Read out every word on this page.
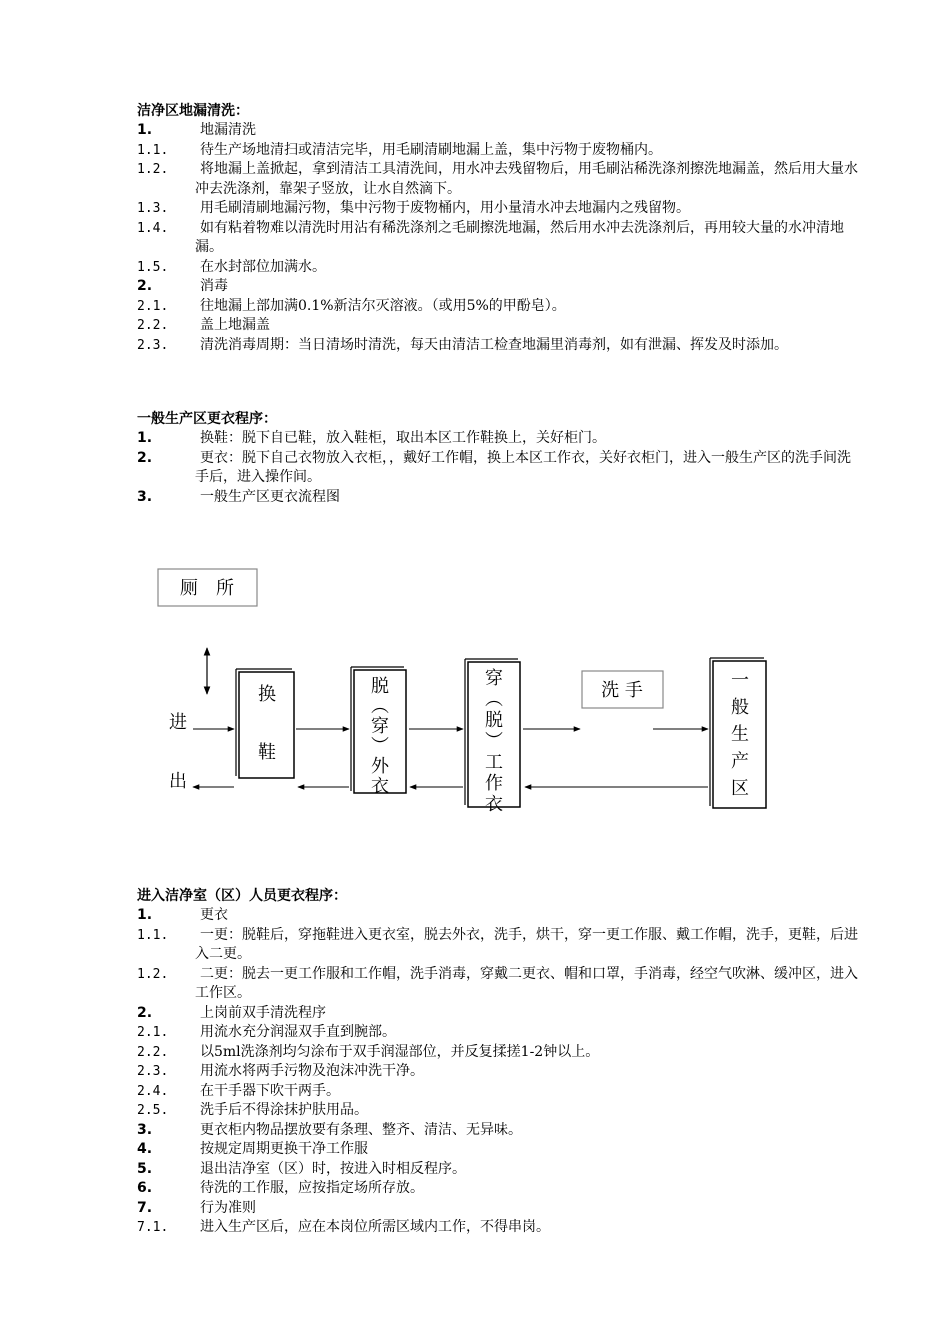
洁净区地漏清洗：
1.	地漏清洗
1.1.	待生产场地清扫或清洁完毕，用毛刷清刷地漏上盖，集中污物于废物桶内。
1.2.	将地漏上盖掀起，拿到清洁工具清洗间，用水冲去残留物后，用毛刷沾稀洗涤剂擦洗地漏盖，然后用大量水冲去洗涤剂，靠架子竖放，让水自然滴下。
1.3.	用毛刷清刷地漏污物，集中污物于废物桶内，用小量清水冲去地漏内之残留物。
1.4.	如有粘着物难以清洗时用沾有稀洗涤剂之毛刷擦洗地漏，然后用水冲去洗涤剂后，再用较大量的水冲清地漏。
1.5.	在水封部位加满水。
2.	消毒
2.1.	往地漏上部加满0.1%新洁尔灭溶液。（或用5%的甲酚皂）。
2.2.	盖上地漏盖
2.3.	清洗消毒周期：当日清场时清洗，每天由清洁工检查地漏里消毒剂，如有泄漏、挥发及时添加。
一般生产区更衣程序：
1.	换鞋：脱下自已鞋，放入鞋柜，取出本区工作鞋换上，关好柜门。
2.	更衣：脱下自己衣物放入衣柜，，戴好工作帽，换上本区工作衣，关好衣柜门，进入一般生产区的洗手间洗手后，进入操作间。
3.	一般生产区更衣流程图
厕　所
换
鞋
脱
︵
穿
︶
外
衣
穿
︵
脱
︶
工
作
衣
洗 手	一
般
生
产
区
进
出
进入洁净室（区）人员更衣程序：
1.	更衣
1.1.	一更：脱鞋后，穿拖鞋进入更衣室，脱去外衣，洗手，烘干，穿一更工作服、戴工作帽，洗手，更鞋，后进入二更。
1.2.	二更：脱去一更工作服和工作帽，洗手消毒，穿戴二更衣、帽和口罩，手消毒，经空气吹淋、缓冲区，进入工作区。
2.	上岗前双手清洗程序
2.1.	用流水充分润湿双手直到腕部。
2.2.	以5ml洗涤剂均匀涂布于双手润湿部位，并反复揉搓1-2钟以上。
2.3.	用流水将两手污物及泡沫冲洗干净。
2.4.	在干手器下吹干两手。
2.5.	洗手后不得涂抹护肤用品。
3.	更衣柜内物品摆放要有条理、整齐、清洁、无异味。
4.	按规定周期更换干净工作服
5.	退出洁净室（区）时，按进入时相反程序。
6.	待洗的工作服，应按指定场所存放。
7.	行为准则
7.1.	进入生产区后，应在本岗位所需区域内工作，不得串岗。
